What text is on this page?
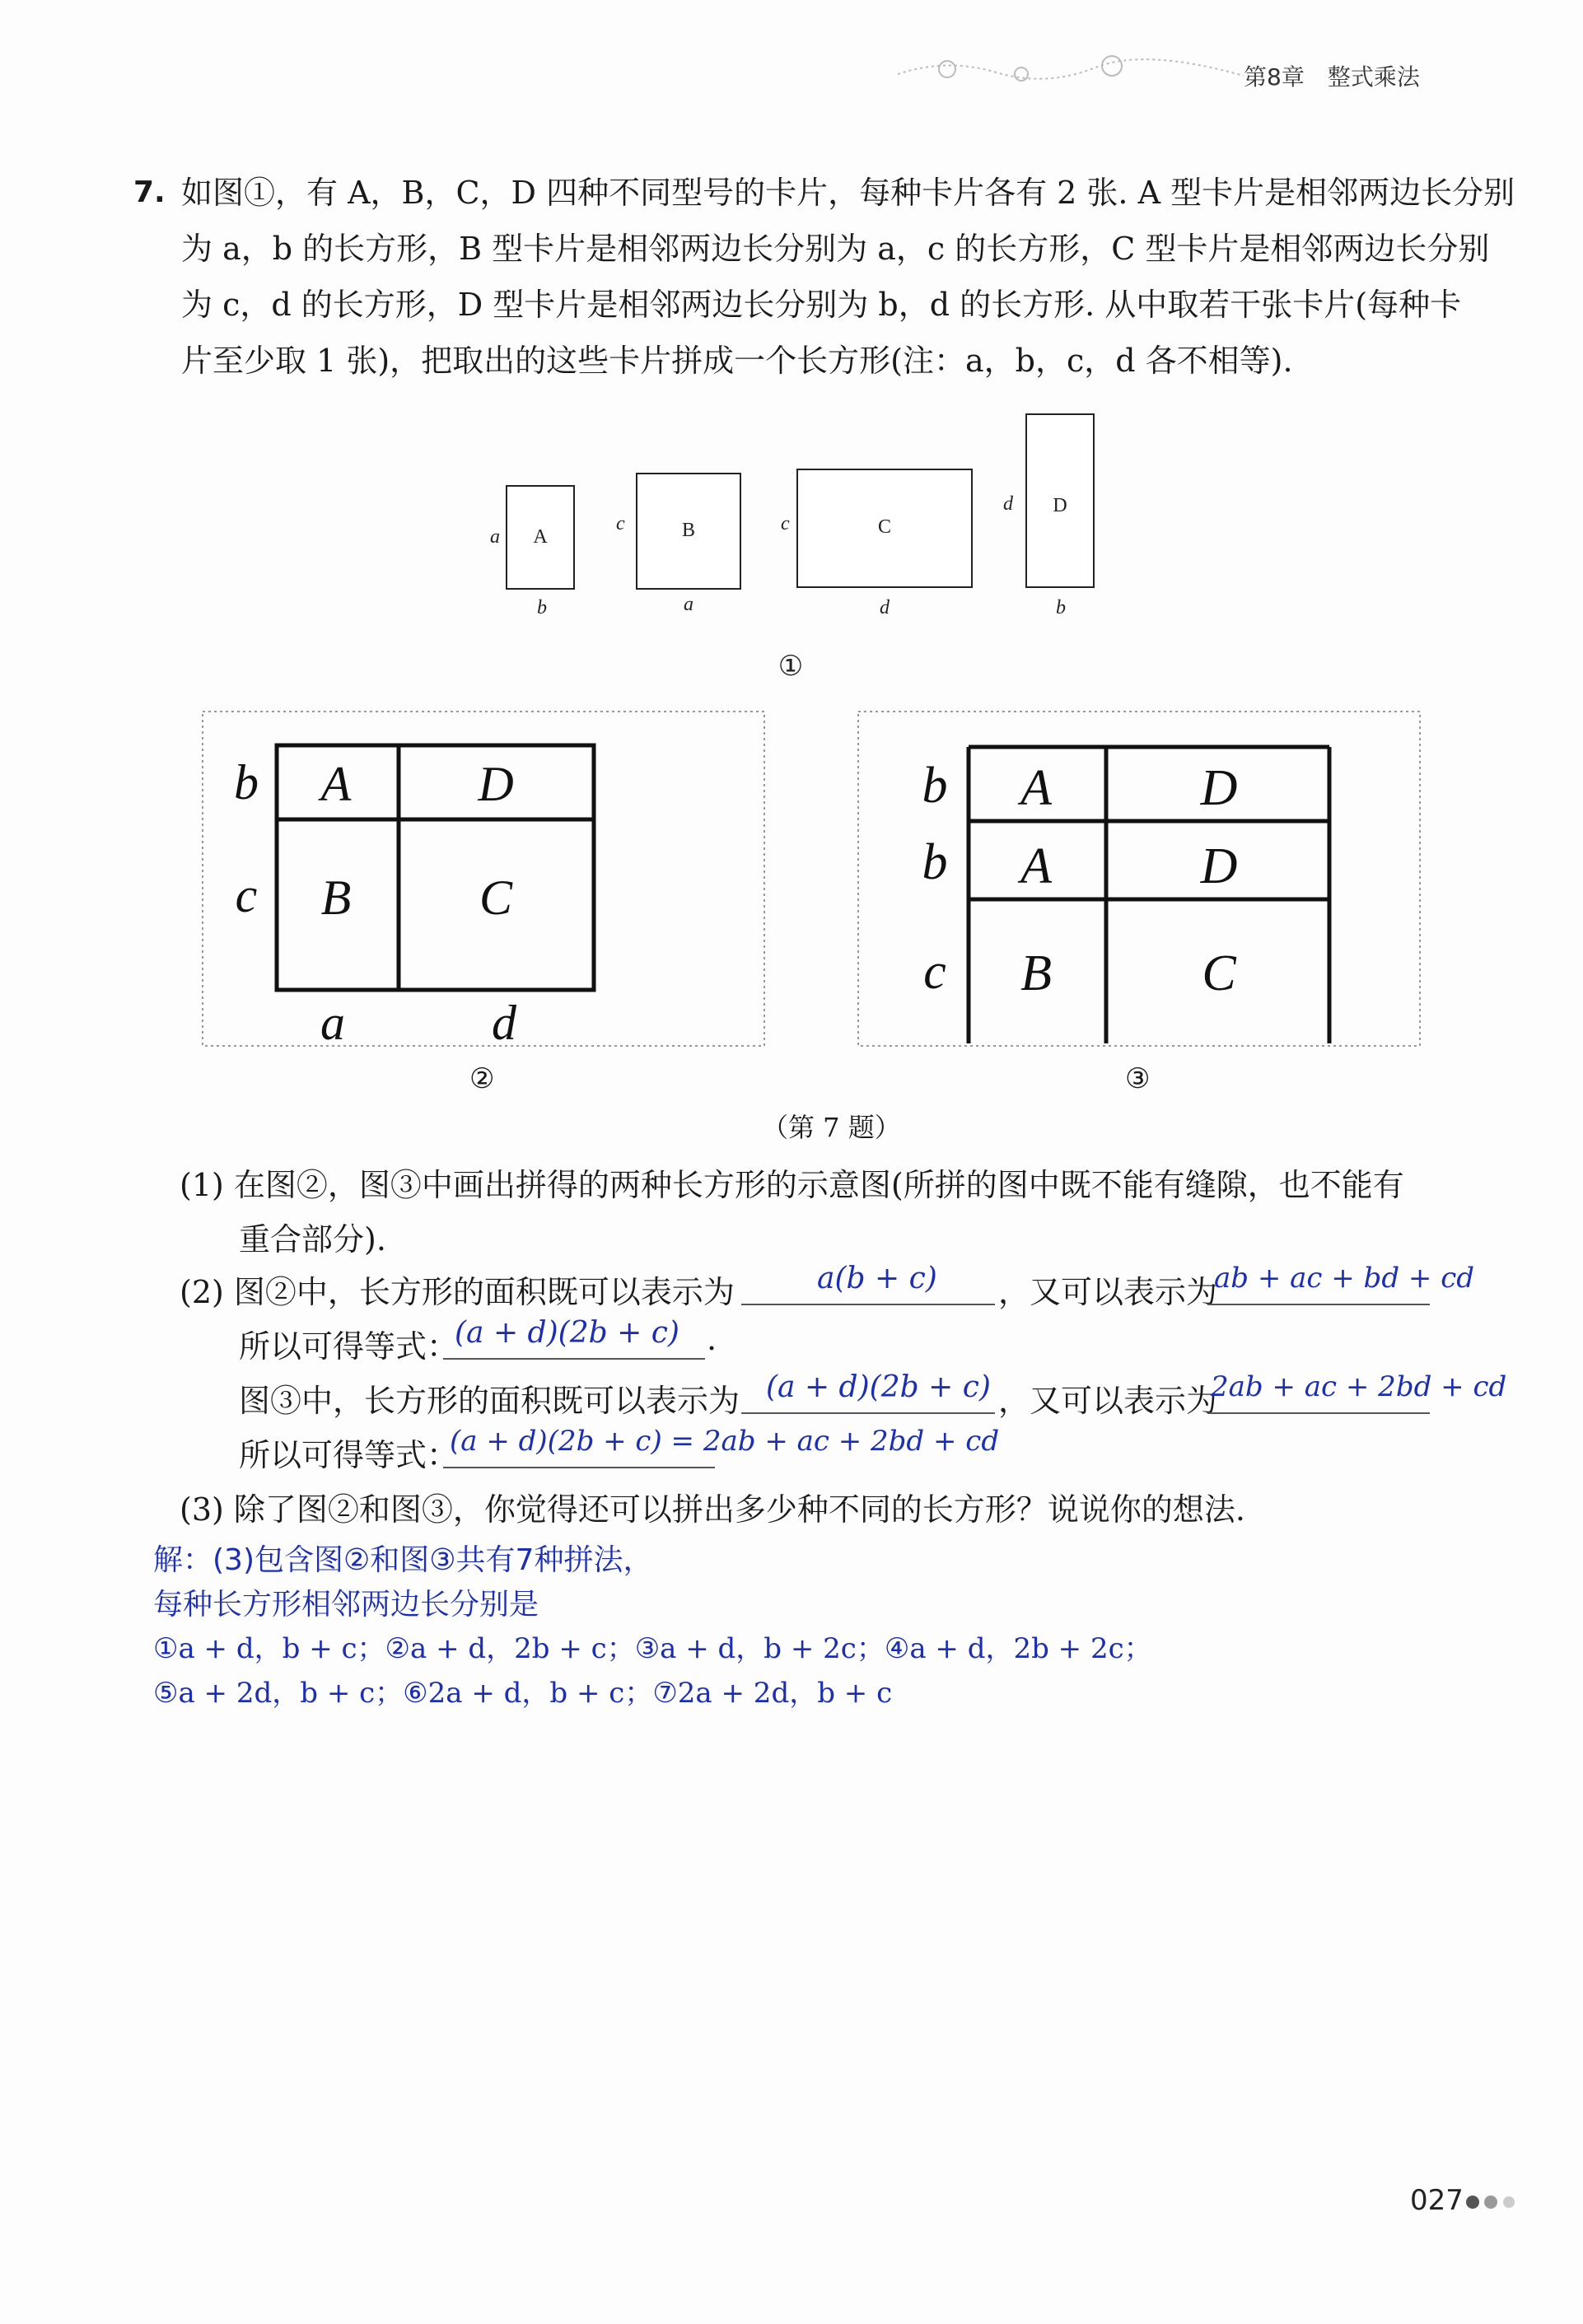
第8章 整式乘法
7. 如图①，有 A，B，C，D 四种不同型号的卡片，每种卡片各有 2 张. A 型卡片是相邻两边长分别
为 a，b 的长方形，B 型卡片是相邻两边长分别为 a，c 的长方形，C 型卡片是相邻两边长分别
为 c，d 的长方形，D 型卡片是相邻两边长分别为 b，d 的长方形. 从中取若干张卡片(每种卡
片至少取 1 张)，把取出的这些卡片拼成一个长方形(注：a，b，c，d 各不相等).
A
a
b
B
c
a
C
c
d
D
d
b
①
A	D
B	C
b
c
a	d
②
A	D
A	D
B	C
b
b
c
③
（第 7 题）
(1) 在图②，图③中画出拼得的两种长方形的示意图(所拼的图中既不能有缝隙，也不能有
重合部分).
(2) 图②中，长方形的面积既可以表示为	a(b + c) ，又可以表示为
ab + ac + bd + cd
所以可得等式：
(a + d)(2b + c) .
图③中，长方形的面积既可以表示为 (a + d)(2b + c) ，又可以表示为
2ab + ac + 2bd + cd
所以可得等式：
(a + d)(2b + c) = 2ab + ac + 2bd + cd
(3) 除了图②和图③，你觉得还可以拼出多少种不同的长方形？说说你的想法.
解：(3)包含图②和图③共有7种拼法，
每种长方形相邻两边长分别是
①a + d，b + c；②a + d，2b + c；③a + d，b + 2c；④a + d，2b + 2c；
⑤a + 2d，b + c；⑥2a + d，b + c；⑦2a + 2d，b + c
027
